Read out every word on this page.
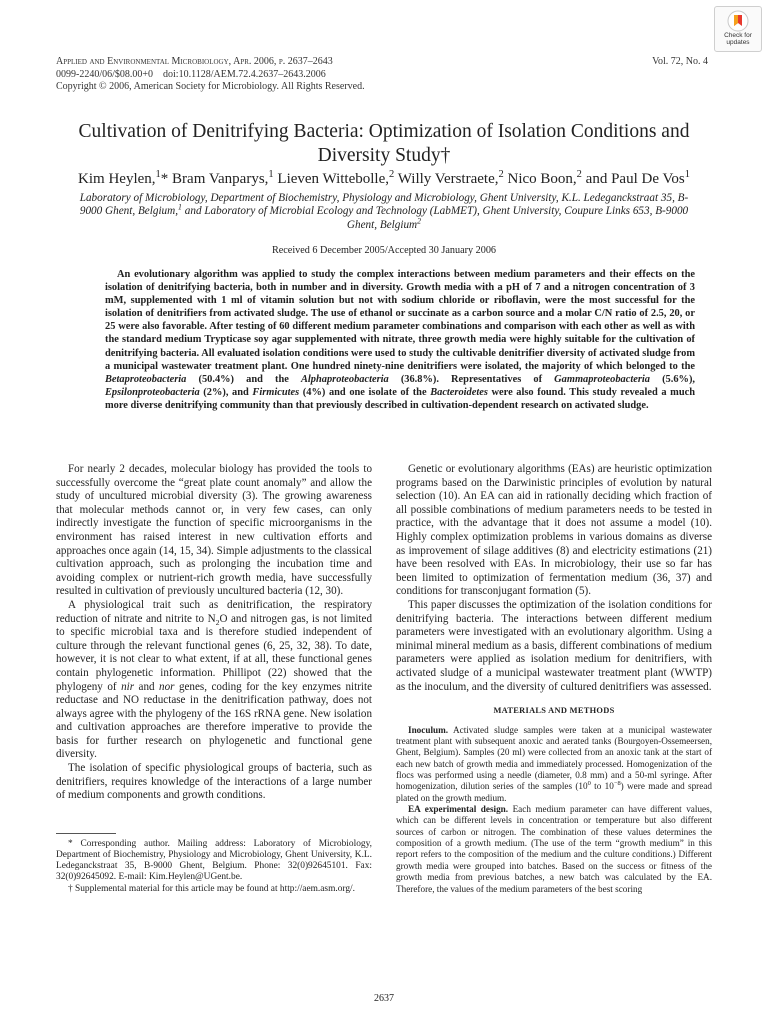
Applied and Environmental Microbiology, Apr. 2006, p. 2637–2643
0099-2240/06/$08.00+0    doi:10.1128/AEM.72.4.2637–2643.2006
Copyright © 2006, American Society for Microbiology. All Rights Reserved.
Vol. 72, No. 4
Check for
updates
Cultivation of Denitrifying Bacteria: Optimization of Isolation Conditions and Diversity Study†
Kim Heylen,$^1$* Bram Vanparys,$^1$ Lieven Wittebolle,$^2$ Willy Verstraete,$^2$ Nico Boon,$^2$ and Paul De Vos$^1$
Laboratory of Microbiology, Department of Biochemistry, Physiology and Microbiology, Ghent University, K.L. Ledeganckstraat 35, B-9000 Ghent, Belgium,$^1$ and Laboratory of Microbial Ecology and Technology (LabMET), Ghent University, Coupure Links 653, B-9000 Ghent, Belgium$^2$
Received 6 December 2005/Accepted 30 January 2006
An evolutionary algorithm was applied to study the complex interactions between medium parameters and their effects on the isolation of denitrifying bacteria, both in number and in diversity. Growth media with a pH of 7 and a nitrogen concentration of 3 mM, supplemented with 1 ml of vitamin solution but not with sodium chloride or riboflavin, were the most successful for the isolation of denitrifiers from activated sludge. The use of ethanol or succinate as a carbon source and a molar C/N ratio of 2.5, 20, or 25 were also favorable. After testing of 60 different medium parameter combinations and comparison with each other as well as with the standard medium Trypticase soy agar supplemented with nitrate, three growth media were highly suitable for the cultivation of denitrifying bacteria. All evaluated isolation conditions were used to study the cultivable denitrifier diversity of activated sludge from a municipal wastewater treatment plant. One hundred ninety-nine denitrifiers were isolated, the majority of which belonged to the Betaproteobacteria (50.4%) and the Alphaproteobacteria (36.8%). Representatives of Gammaproteobacteria (5.6%), Epsilonproteobacteria (2%), and Firmicutes (4%) and one isolate of the Bacteroidetes were also found. This study revealed a much more diverse denitrifying community than that previously described in cultivation-dependent research on activated sludge.

For nearly 2 decades, molecular biology has provided the tools to successfully overcome the “great plate count anomaly” and allow the study of uncultured microbial diversity (3). The growing awareness that molecular methods cannot or, in very few cases, can only indirectly investigate the function of specific microorganisms in the environment has raised interest in new cultivation efforts and approaches once again (14, 15, 34). Simple adjustments to the classical cultivation approach, such as prolonging the incubation time and avoiding complex or nutrient-rich growth media, have successfully resulted in cultivation of previously uncultured bacteria (12, 30).

A physiological trait such as denitrification, the respiratory reduction of nitrate and nitrite to $N_2O$ and nitrogen gas, is not limited to specific microbial taxa and is therefore studied independent of culture through the relevant functional genes (6, 25, 32, 38). To date, however, it is not clear to what extent, if at all, these functional genes contain phylogenetic information. Phillipot (22) showed that the phylogeny of nir and nor genes, coding for the key enzymes nitrite reductase and NO reductase in the denitrification pathway, does not always agree with the phylogeny of the 16S rRNA gene. New isolation and cultivation approaches are therefore imperative to provide the basis for further research on phylogenetic and functional gene diversity.

The isolation of specific physiological groups of bacteria, such as denitrifiers, requires knowledge of the interactions of a large number of medium components and growth conditions.

* Corresponding author. Mailing address: Laboratory of Microbiology, Department of Biochemistry, Physiology and Microbiology, Ghent University, K.L. Ledeganckstraat 35, B-9000 Ghent, Belgium. Phone: 32(0)92645101. Fax: 32(0)92645092. E-mail: Kim.Heylen@UGent.be.

† Supplemental material for this article may be found at http://aem.asm.org/.

Genetic or evolutionary algorithms (EAs) are heuristic optimization programs based on the Darwinistic principles of evolution by natural selection (10). An EA can aid in rationally deciding which fraction of all possible combinations of medium parameters needs to be tested in practice, with the advantage that it does not assume a model (10). Highly complex optimization problems in various domains as diverse as improvement of silage additives (8) and electricity estimations (21) have been resolved with EAs. In microbiology, their use so far has been limited to optimization of fermentation medium (36, 37) and conditions for transconjugant formation (5).

This paper discusses the optimization of the isolation conditions for denitrifying bacteria. The interactions between different medium parameters were investigated with an evolutionary algorithm. Using a minimal mineral medium as a basis, different combinations of medium parameters were applied as isolation medium for denitrifiers, with activated sludge of a municipal wastewater treatment plant (WWTP) as the inoculum, and the diversity of cultured denitrifiers was assessed.

MATERIALS AND METHODS

Inoculum. Activated sludge samples were taken at a municipal wastewater treatment plant with subsequent anoxic and aerated tanks (Bourgoyen-Ossemeersen, Ghent, Belgium). Samples (20 ml) were collected from an anoxic tank at the start of each new batch of growth media and immediately processed. Homogenization of the flocs was performed using a needle (diameter, 0.8 mm) and a 50-ml syringe. After homogenization, dilution series of the samples ($10^0$ to $10^{-8}$) were made and spread plated on the growth medium.

EA experimental design. Each medium parameter can have different values, which can be different levels in concentration or temperature but also different sources of carbon or nitrogen. The combination of these values determines the composition of a growth medium. (The use of the term “growth medium” in this report refers to the composition of the medium and the culture conditions.) Different growth media were grouped into batches. Based on the success or fitness of the growth media from previous batches, a new batch was calculated by the EA. Therefore, the values of the medium parameters of the best scoring

2637
